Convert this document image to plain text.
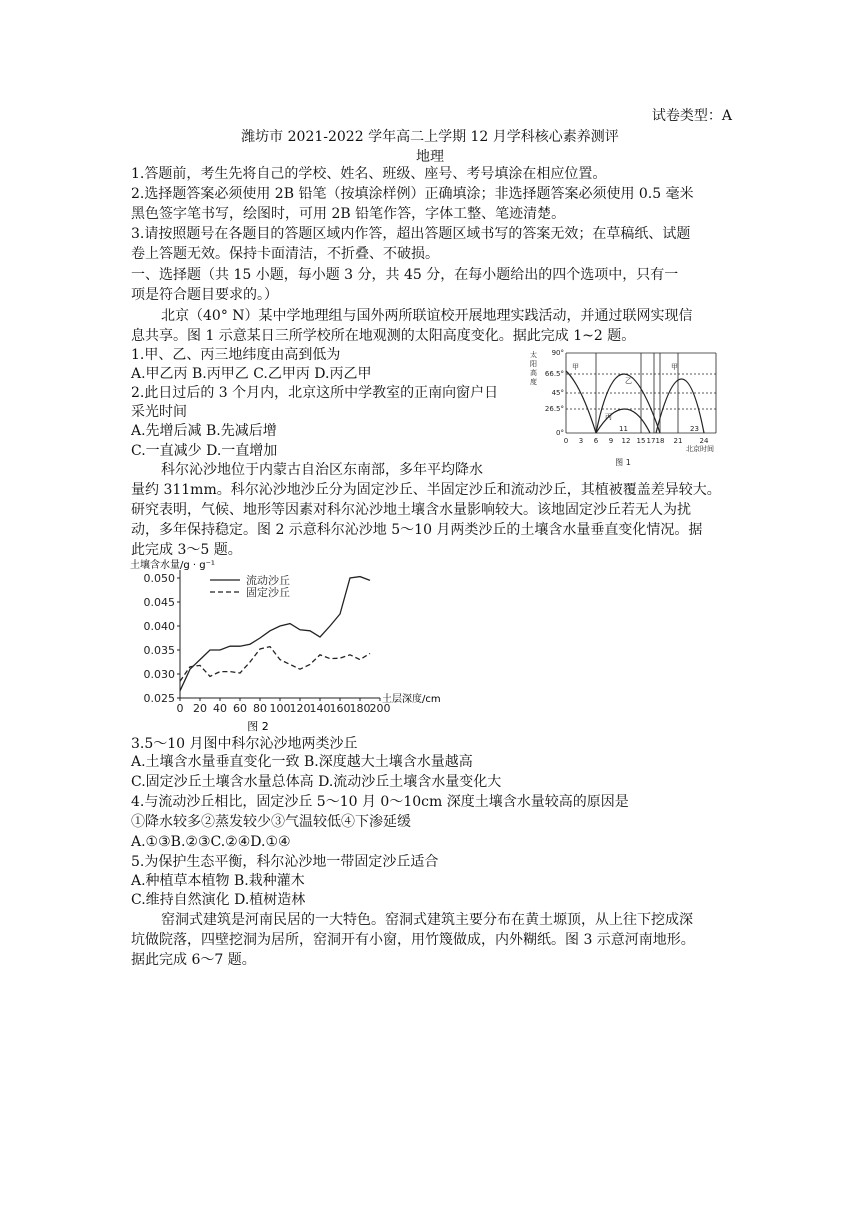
试卷类型：A
潍坊市 2021-2022 学年高二上学期 12 月学科核心素养测评
地理
1.答题前，考生先将自己的学校、姓名、班级、座号、考号填涂在相应位置。
2.选择题答案必须使用 2B 铅笔（按填涂样例）正确填涂；非选择题答案必须使用 0.5 毫米
黑色签字笔书写，绘图时，可用 2B 铅笔作答，字体工整、笔迹清楚。
3.请按照题号在各题目的答题区域内作答，超出答题区域书写的答案无效；在草稿纸、试题
卷上答题无效。保持卡面清洁，不折叠、不破损。
一、选择题（共 15 小题，每小题 3 分，共 45 分，在每小题给出的四个选项中，只有一
项是符合题目要求的。）
北京（40° N）某中学地理组与国外两所联谊校开展地理实践活动，并通过联网实现信
息共享。图 1 示意某日三所学校所在地观测的太阳高度变化。据此完成 1~2 题。
1.甲、乙、丙三地纬度由高到低为
A.甲乙丙 B.丙甲乙 C.乙甲丙 D.丙乙甲
2.此日过后的 3 个月内，北京这所中学教室的正南向窗户日
采光时间
A.先增后减 B.先减后增
C.一直减少 D.一直增加
太
阳
高
度
90°
66.5°
45°
26.5°
0°
0 3 6 9 12 15 17 18 21 24
北京时间
甲
乙
甲
丙
11	23
图 1
科尔沁沙地位于内蒙古自治区东南部，多年平均降水
量约 311mm。科尔沁沙地沙丘分为固定沙丘、半固定沙丘和流动沙丘，其植被覆盖差异较大。
研究表明，气候、地形等因素对科尔沁沙地土壤含水量影响较大。该地固定沙丘若无人为扰
动，多年保持稳定。图 2 示意科尔沁沙地 5～10 月两类沙丘的土壤含水量垂直变化情况。据
此完成 3～5 题。
土壤含水量/g · g⁻¹
土层深度/cm
图 2
0.025
0.030
0.035
0.040
0.045
0.050
0 20 40 60 80 100 120 140 160 180 200
流动沙丘
固定沙丘
3.5～10 月图中科尔沁沙地两类沙丘
A.土壤含水量垂直变化一致 B.深度越大土壤含水量越高
C.固定沙丘土壤含水量总体高 D.流动沙丘土壤含水量变化大
4.与流动沙丘相比，固定沙丘 5～10 月 0～10cm 深度土壤含水量较高的原因是
①降水较多②蒸发较少③气温较低④下渗延缓
A.①③B.②③C.②④D.①④
5.为保护生态平衡，科尔沁沙地一带固定沙丘适合
A.种植草本植物 B.栽种灌木
C.维持自然演化 D.植树造林
窑洞式建筑是河南民居的一大特色。窑洞式建筑主要分布在黄土塬顶，从上往下挖成深
坑做院落，四壁挖洞为居所，窑洞开有小窗，用竹篾做成，内外糊纸。图 3 示意河南地形。
据此完成 6～7 题。
